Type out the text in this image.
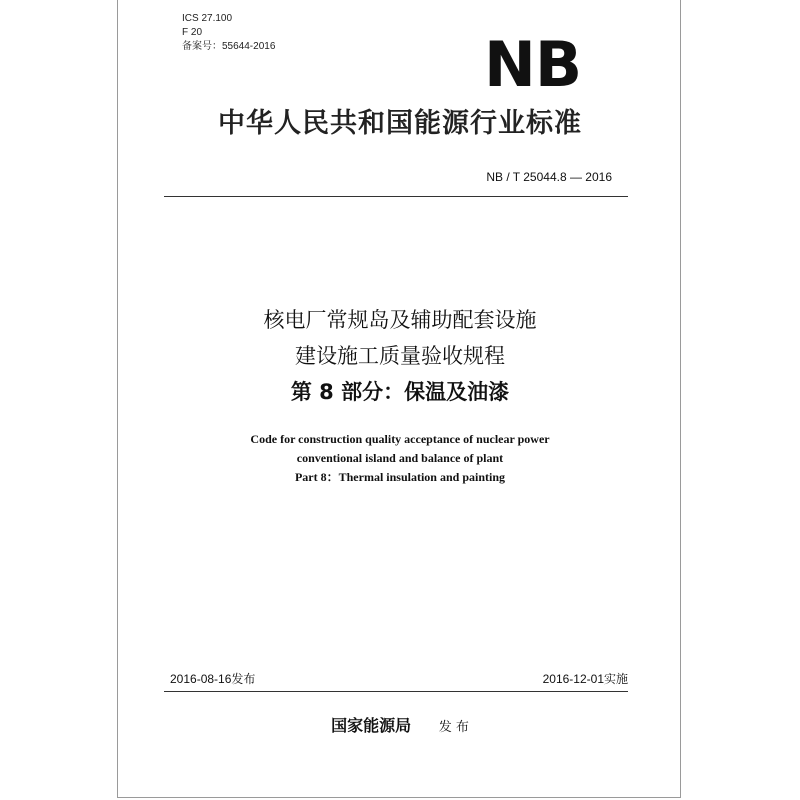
ICS 27.100
F 20
备案号：55644-2016	NB
中华人民共和国能源行业标准
NB / T 25044.8 — 2016
核电厂常规岛及辅助配套设施
建设施工质量验收规程
第 8 部分：保温及油漆
Code for construction quality acceptance of nuclear power
conventional island and balance of plant
Part 8：Thermal insulation and painting
2016-08-16发布	2016-12-01实施
国家能源局 发 布
